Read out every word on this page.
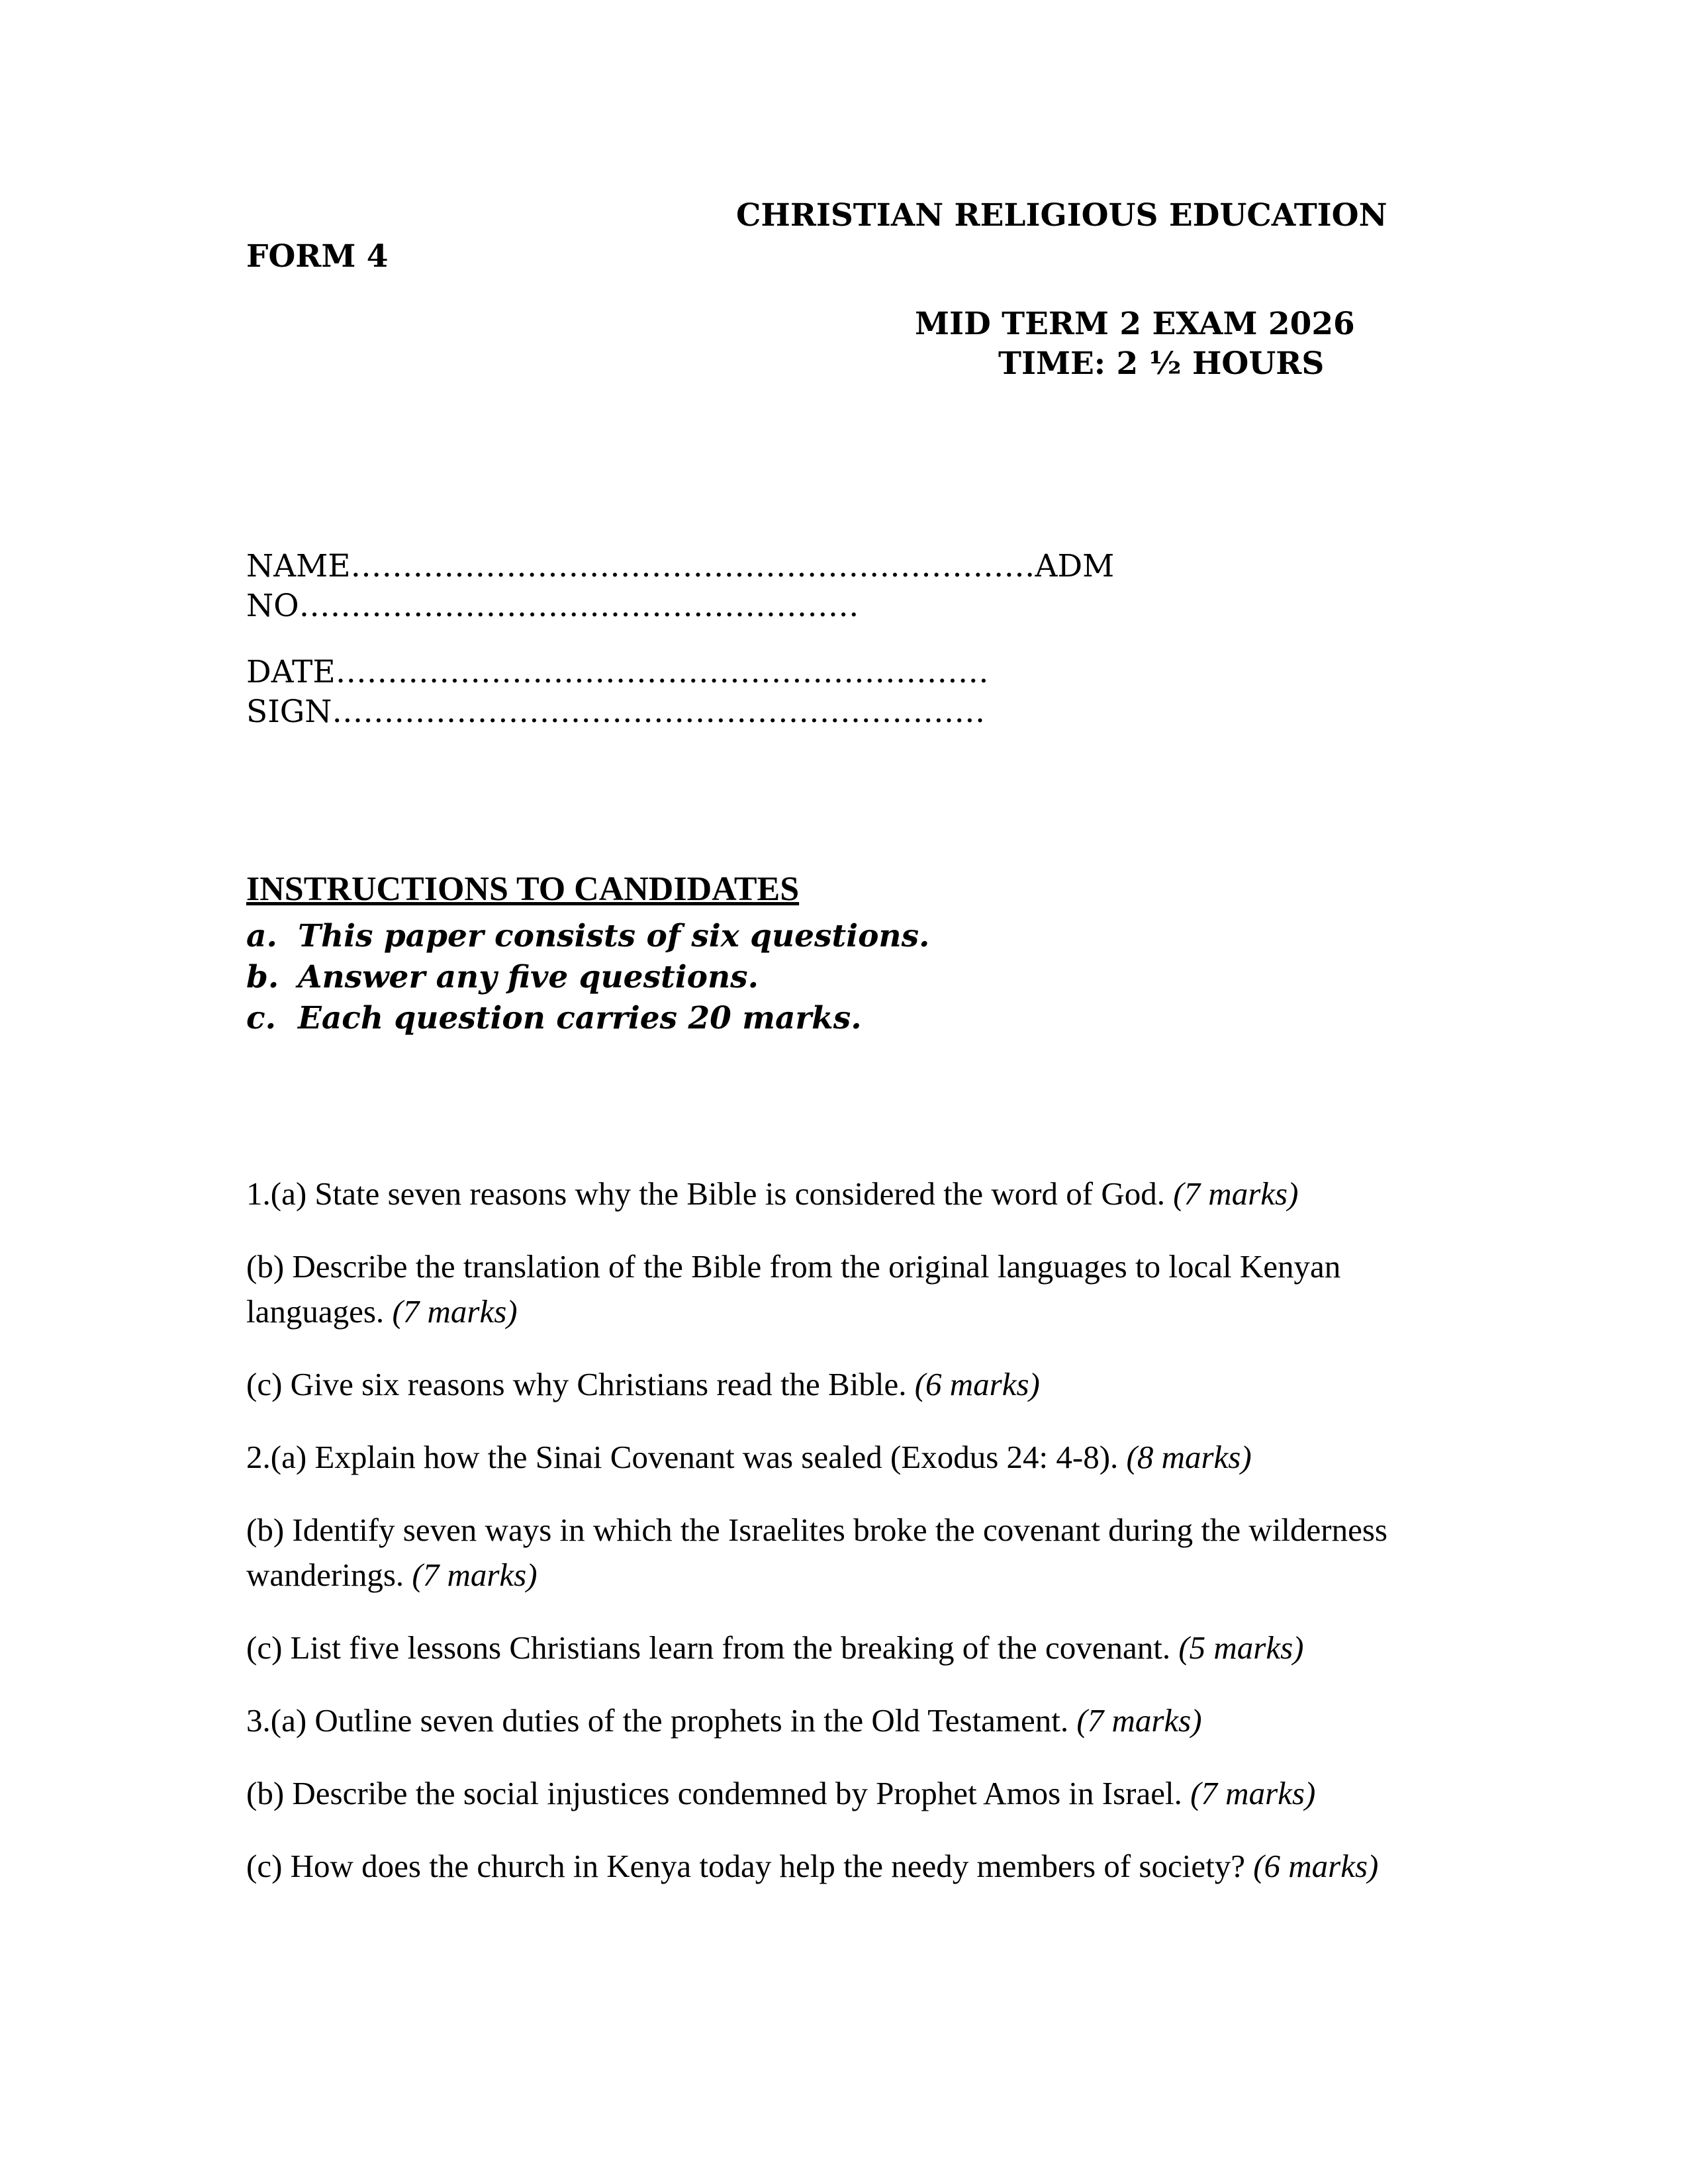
CHRISTIAN RELIGIOUS EDUCATION
FORM 4
MID TERM 2 EXAM 2026
TIME: 2 ½ HOURS
NAME…………………………………………………………ADM
NO………………………………………………
DATE………………………………………………………
SIGN………………………………………………………
INSTRUCTIONS TO CANDIDATES
a. This paper consists of six questions.
b. Answer any five questions.
c. Each question carries 20 marks.

1.(a) State seven reasons why the Bible is considered the word of God. (7 marks)

(b) Describe the translation of the Bible from the original languages to local Kenyan languages. (7 marks)

(c) Give six reasons why Christians read the Bible. (6 marks)

2.(a) Explain how the Sinai Covenant was sealed (Exodus 24: 4-8). (8 marks)

(b) Identify seven ways in which the Israelites broke the covenant during the wilderness wanderings. (7 marks)

(c) List five lessons Christians learn from the breaking of the covenant. (5 marks)

3.(a) Outline seven duties of the prophets in the Old Testament. (7 marks)

(b) Describe the social injustices condemned by Prophet Amos in Israel. (7 marks)

(c) How does the church in Kenya today help the needy members of society? (6 marks)
